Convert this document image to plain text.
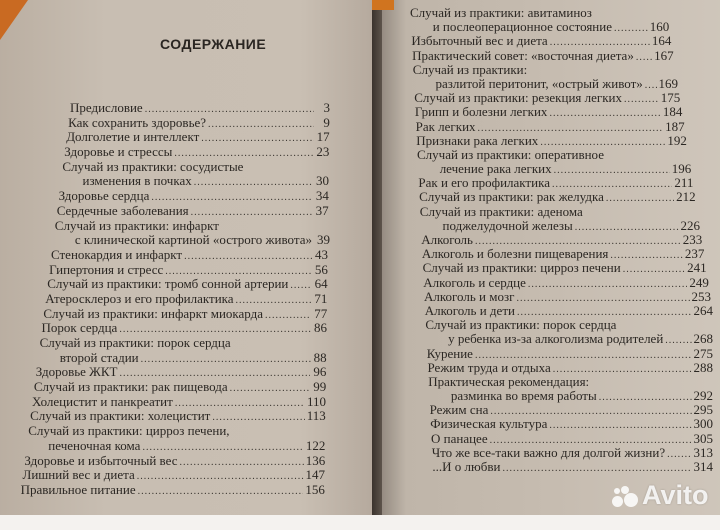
СОДЕРЖАНИЕ
Предисловие .....	3
Как сохранить здоровье? .....	9
Долголетие и интеллект .....	17
Здоровье и стрессы .....	23
Случай из практики: сосудистые
изменения в почках .....	30
Здоровье сердца .....	34
Сердечные заболевания .....	37
Случай из практики: инфаркт
с клинической картиной «острого живота» 39
Стенокардия и инфаркт .....	43
Гипертония и стресс .....	56
Случай из практики: тромб сонной артерии ..... 64
Атеросклероз и его профилактика .....	71
Случай из практики: инфаркт миокарда .....	77
Порок сердца .....	86
Случай из практики: порок сердца
второй стадии .....	88
Здоровье ЖКТ .....	96
Случай из практики: рак пищевода .....	99
Холецистит и панкреатит .....	110
Случай из практики: холецистит .....	113
Случай из практики: цирроз печени,
печеночная кома .....	122
Здоровье и избыточный вес .....	136
Лишний вес и диета .....	147
Правильное питание .....	156
Случай из практики: авитаминоз
и послеоперационное состояние .....	160
Избыточный вес и диета .....	164
Практический совет: «восточная диета» ..... 167
Случай из практики:
разлитой перитонит, «острый живот» ..... 169
Случай из практики: резекция легких .....	175
Грипп и болезни легких .....	184
Рак легких .....	187
Признаки рака легких .....	192
Случай из практики: оперативное
лечение рака легких .....	196
Рак и его профилактика .....	211
Случай из практики: рак желудка .....	212
Случай из практики: аденома
поджелудочной железы .....	226
Алкоголь .....	233
Алкоголь и болезни пищеварения .....	237
Случай из практики: цирроз печени .....	241
Алкоголь и сердце .....	249
Алкоголь и мозг .....	253
Алкоголь и дети .....	264
Случай из практики: порок сердца
у ребенка из-за алкоголизма родителей ..... 268
Курение .....	275
Режим труда и отдыха .....	288
Практическая рекомендация:
разминка во время работы .....	292
Режим сна .....	295
Физическая культура .....	300
О панацее .....	305
Что же все-таки важно для долгой жизни? ..... 313
...И о любви .....	314
Avito
